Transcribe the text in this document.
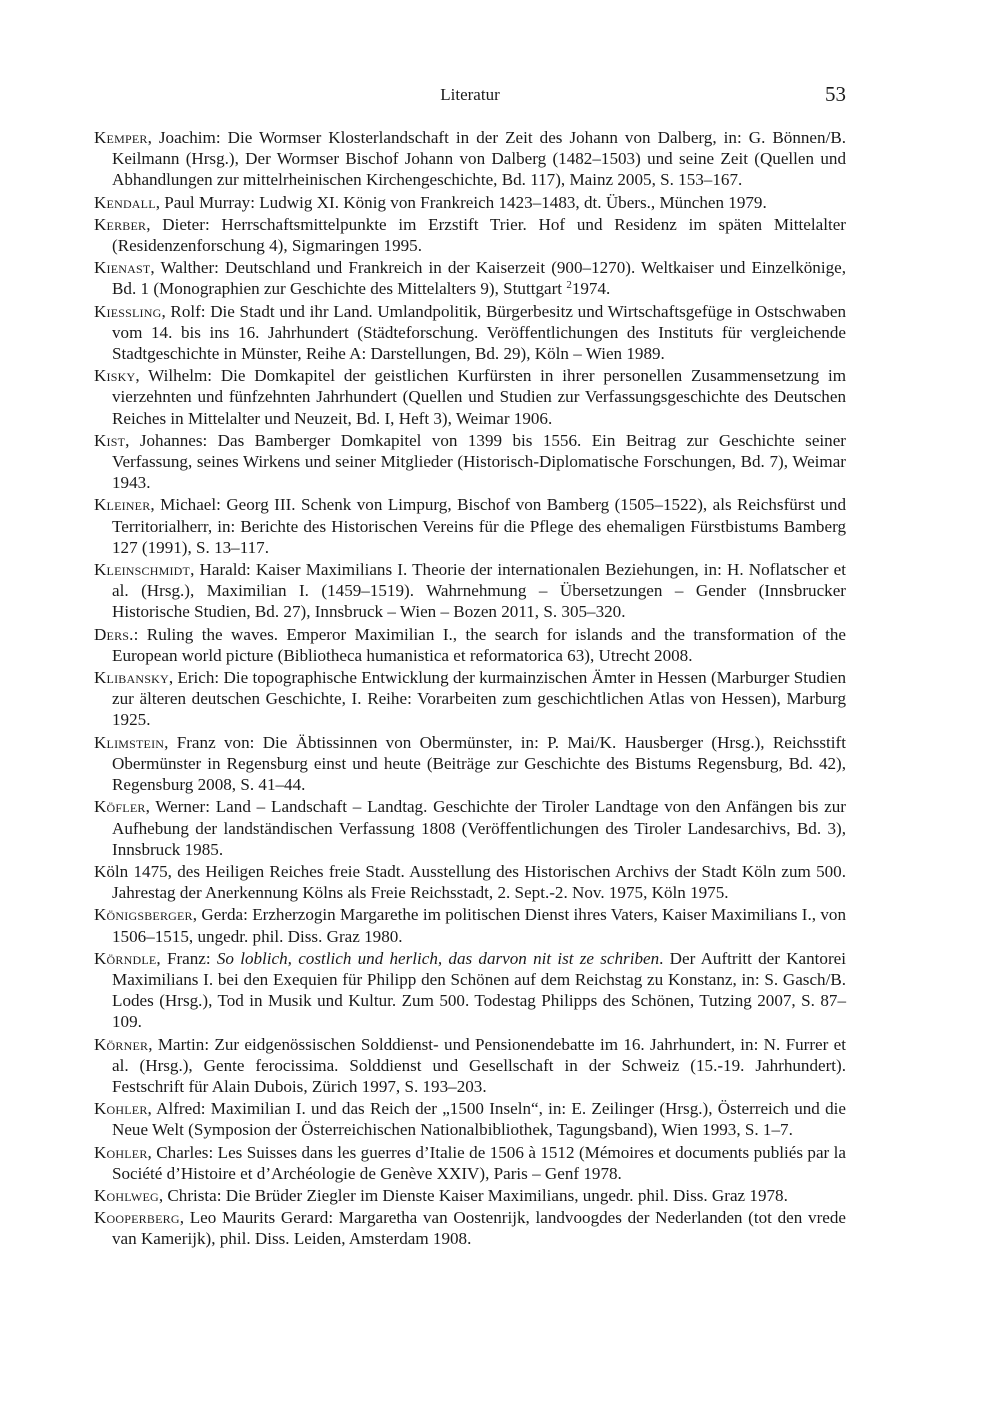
Literatur	53

Kemper, Joachim: Die Wormser Klosterlandschaft in der Zeit des Johann von Dalberg, in: G. Bönnen/B. Keilmann (Hrsg.), Der Wormser Bischof Johann von Dalberg (1482–1503) und seine Zeit (Quellen und Abhandlungen zur mittelrheinischen Kirchengeschichte, Bd. 117), Mainz 2005, S. 153–167.

Kendall, Paul Murray: Ludwig XI. König von Frankreich 1423–1483, dt. Übers., München 1979.

Kerber, Dieter: Herrschaftsmittelpunkte im Erzstift Trier. Hof und Residenz im späten Mittelalter (Residenzenforschung 4), Sigmaringen 1995.

Kienast, Walther: Deutschland und Frankreich in der Kaiserzeit (900–1270). Weltkaiser und Einzelkönige, Bd. 1 (Monographien zur Geschichte des Mittelalters 9), Stuttgart $^2$1974.

Kiessling, Rolf: Die Stadt und ihr Land. Umlandpolitik, Bürgerbesitz und Wirtschaftsgefüge in Ostschwaben vom 14. bis ins 16. Jahrhundert (Städteforschung. Veröffentlichungen des Instituts für vergleichende Stadtgeschichte in Münster, Reihe A: Darstellungen, Bd. 29), Köln – Wien 1989.

Kisky, Wilhelm: Die Domkapitel der geistlichen Kurfürsten in ihrer personellen Zusammensetzung im vierzehnten und fünfzehnten Jahrhundert (Quellen und Studien zur Verfassungsgeschichte des Deutschen Reiches in Mittelalter und Neuzeit, Bd. I, Heft 3), Weimar 1906.

Kist, Johannes: Das Bamberger Domkapitel von 1399 bis 1556. Ein Beitrag zur Geschichte seiner Verfassung, seines Wirkens und seiner Mitglieder (Historisch-Diplomatische Forschungen, Bd. 7), Weimar 1943.

Kleiner, Michael: Georg III. Schenk von Limpurg, Bischof von Bamberg (1505–1522), als Reichsfürst und Territorialherr, in: Berichte des Historischen Vereins für die Pflege des ehemaligen Fürstbistums Bamberg 127 (1991), S. 13–117.

Kleinschmidt, Harald: Kaiser Maximilians I. Theorie der internationalen Beziehungen, in: H. Noflatscher et al. (Hrsg.), Maximilian I. (1459–1519). Wahrnehmung – Übersetzungen – Gender (Innsbrucker Historische Studien, Bd. 27), Innsbruck – Wien – Bozen 2011, S. 305–320.

Ders.: Ruling the waves. Emperor Maximilian I., the search for islands and the transformation of the European world picture (Bibliotheca humanistica et reformatorica 63), Utrecht 2008.

Klibansky, Erich: Die topographische Entwicklung der kurmainzischen Ämter in Hessen (Marburger Studien zur älteren deutschen Geschichte, I. Reihe: Vorarbeiten zum geschichtlichen Atlas von Hessen), Marburg 1925.

Klimstein, Franz von: Die Äbtissinnen von Obermünster, in: P. Mai/K. Hausberger (Hrsg.), Reichsstift Obermünster in Regensburg einst und heute (Beiträge zur Geschichte des Bistums Regensburg, Bd. 42), Regensburg 2008, S. 41–44.

Köfler, Werner: Land – Landschaft – Landtag. Geschichte der Tiroler Landtage von den Anfängen bis zur Aufhebung der landständischen Verfassung 1808 (Veröffentlichungen des Tiroler Landesarchivs, Bd. 3), Innsbruck 1985.

Köln 1475, des Heiligen Reiches freie Stadt. Ausstellung des Historischen Archivs der Stadt Köln zum 500. Jahrestag der Anerkennung Kölns als Freie Reichsstadt, 2. Sept.-2. Nov. 1975, Köln 1975.

Königsberger, Gerda: Erzherzogin Margarethe im politischen Dienst ihres Vaters, Kaiser Maximilians I., von 1506–1515, ungedr. phil. Diss. Graz 1980.

Körndle, Franz: So loblich, costlich und herlich, das darvon nit ist ze schriben. Der Auftritt der Kantorei Maximilians I. bei den Exequien für Philipp den Schönen auf dem Reichstag zu Konstanz, in: S. Gasch/B. Lodes (Hrsg.), Tod in Musik und Kultur. Zum 500. Todestag Philipps des Schönen, Tutzing 2007, S. 87–109.

Körner, Martin: Zur eidgenössischen Solddienst- und Pensionendebatte im 16. Jahrhundert, in: N. Furrer et al. (Hrsg.), Gente ferocissima. Solddienst und Gesellschaft in der Schweiz (15.-19. Jahrhundert). Festschrift für Alain Dubois, Zürich 1997, S. 193–203.

Kohler, Alfred: Maximilian I. und das Reich der „1500 Inseln“, in: E. Zeilinger (Hrsg.), Österreich und die Neue Welt (Symposion der Österreichischen Nationalbibliothek, Tagungsband), Wien 1993, S. 1–7.

Kohler, Charles: Les Suisses dans les guerres d’Italie de 1506 à 1512 (Mémoires et documents publiés par la Société d’Histoire et d’Archéologie de Genève XXIV), Paris – Genf 1978.

Kohlweg, Christa: Die Brüder Ziegler im Dienste Kaiser Maximilians, ungedr. phil. Diss. Graz 1978.

Kooperberg, Leo Maurits Gerard: Margaretha van Oostenrijk, landvoogdes der Nederlanden (tot den vrede van Kamerijk), phil. Diss. Leiden, Amsterdam 1908.
